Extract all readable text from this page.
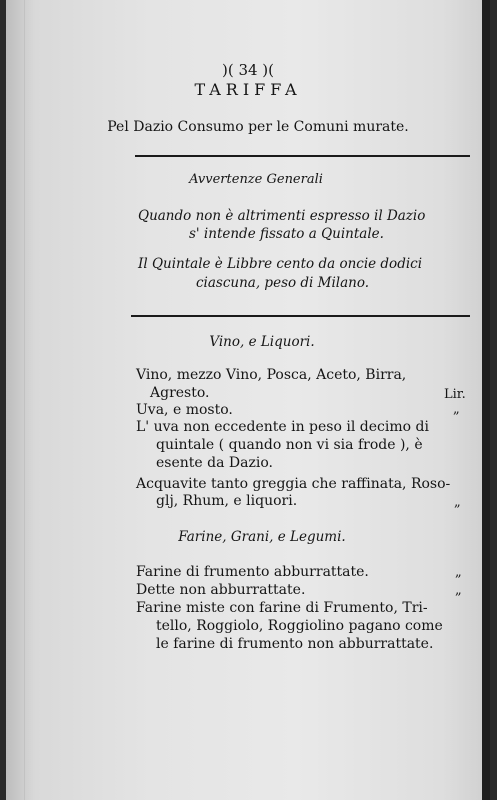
)( 34 )(
TARIFFA
Pel Dazio Consumo per le Comuni murate.
Avvertenze Generali
Quando non è altrimenti espresso il Dazio
s' intende fissato a Quintale.
Il Quintale è Libbre cento da oncie dodici
ciascuna, peso di Milano.
Vino, e Liquori.
Vino, mezzo Vino, Posca, Aceto, Birra,
Agresto.	Lir.
Uva, e mosto.	„
L' uva non eccedente in peso il decimo di
quintale ( quando non vi sia frode ), è
esente da Dazio.
Acquavite tanto greggia che raffinata, Roso-
glj, Rhum, e liquori.	„
Farine, Grani, e Legumi.
Farine di frumento abburrattate.	„
Dette non abburrattate.	„
Farine miste con farine di Frumento, Tri-
tello, Roggiolo, Roggiolino pagano come
le farine di frumento non abburrattate.
